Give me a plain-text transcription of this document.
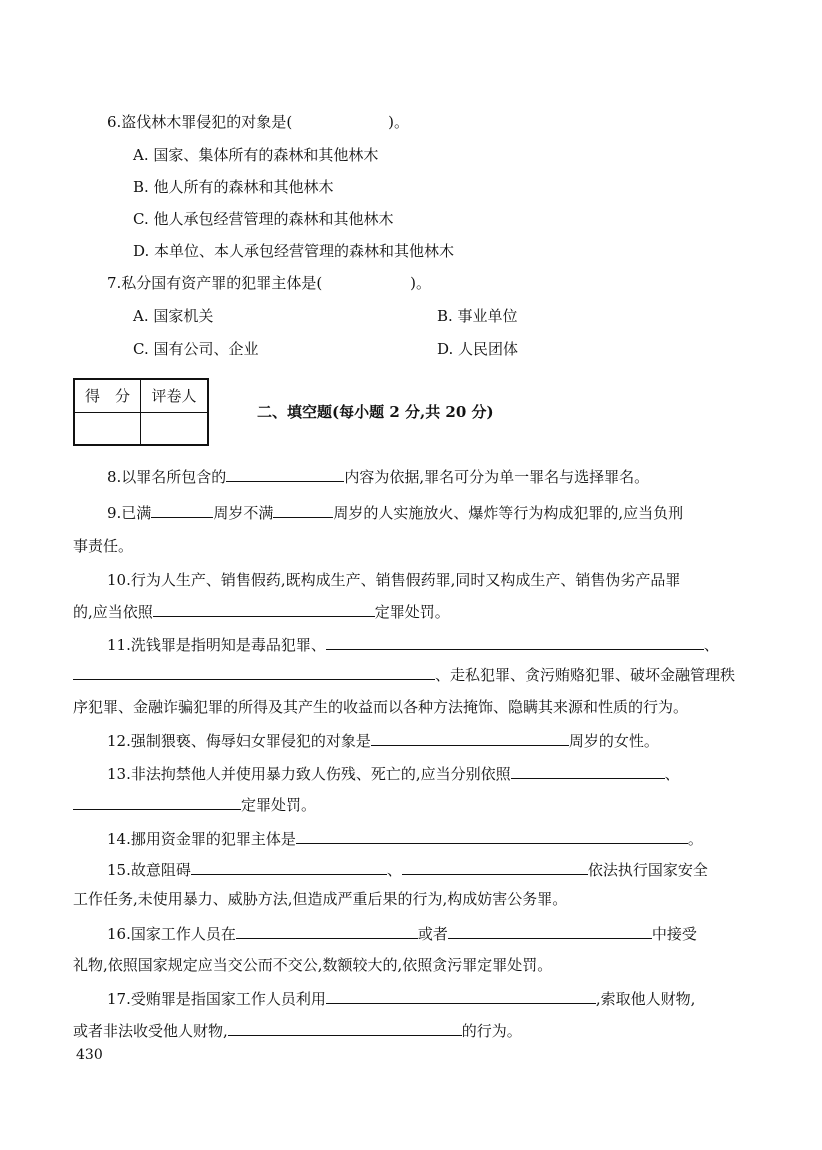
6.盗伐林木罪侵犯的对象是(	)。
A. 国家、集体所有的森林和其他林木
B. 他人所有的森林和其他林木
C. 他人承包经营管理的森林和其他林木
D. 本单位、本人承包经营管理的森林和其他林木
7.私分国有资产罪的犯罪主体是(	)。
A. 国家机关	B. 事业单位
C. 国有公司、企业	D. 人民团体
得　分	评卷人
二、填空题(每小题 2 分,共 20 分)
8.以罪名所包含的	内容为依据,罪名可分为单一罪名与选择罪名。
9.已满	周岁不满	周岁的人实施放火、爆炸等行为构成犯罪的,应当负刑
事责任。
10.行为人生产、销售假药,既构成生产、销售假药罪,同时又构成生产、销售伪劣产品罪
的,应当依照	定罪处罚。
11.洗钱罪是指明知是毒品犯罪、	、
、走私犯罪、贪污贿赂犯罪、破坏金融管理秩
序犯罪、金融诈骗犯罪的所得及其产生的收益而以各种方法掩饰、隐瞒其来源和性质的行为。
12.强制猥亵、侮辱妇女罪侵犯的对象是	周岁的女性。
13.非法拘禁他人并使用暴力致人伤残、死亡的,应当分别依照	、
定罪处罚。
14.挪用资金罪的犯罪主体是	。
15.故意阻碍	、	依法执行国家安全
工作任务,未使用暴力、威胁方法,但造成严重后果的行为,构成妨害公务罪。
16.国家工作人员在	或者	中接受
礼物,依照国家规定应当交公而不交公,数额较大的,依照贪污罪定罪处罚。
17.受贿罪是指国家工作人员利用	,索取他人财物,
或者非法收受他人财物,	的行为。
430
